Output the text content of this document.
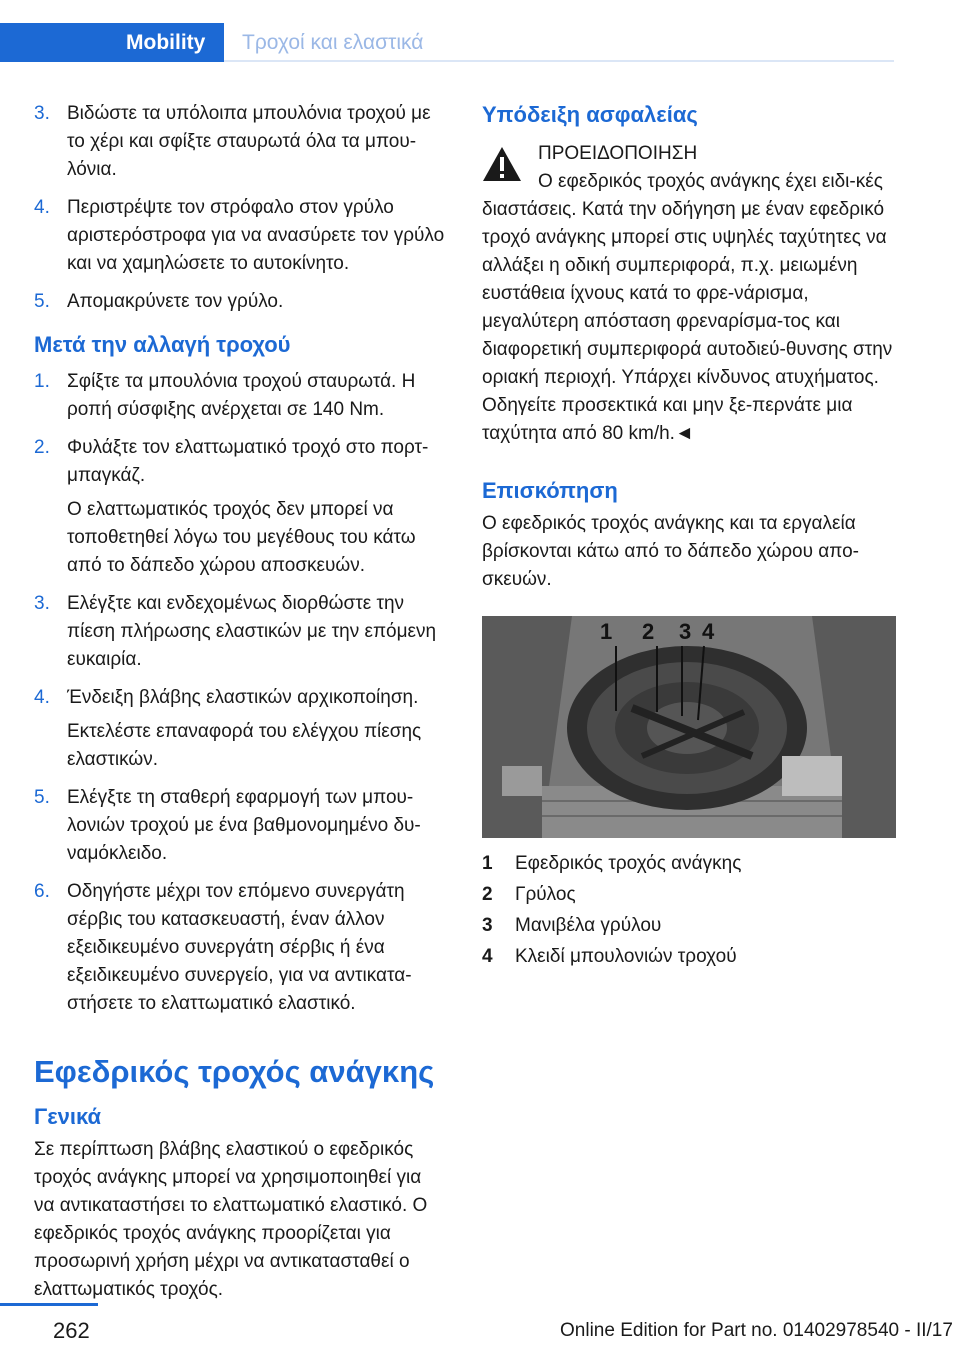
Mobility Τροχοί και ελαστικά
3. Βιδώστε τα υπόλοιπα μπουλόνια τροχού με το χέρι και σφίξτε σταυρωτά όλα τα μπου‐λόνια.
4. Περιστρέψτε τον στρόφαλο στον γρύλο αριστερόστροφα για να ανασύρετε τον γρύλο και να χαμηλώσετε το αυτοκίνητο.
5. Απομακρύνετε τον γρύλο.
Μετά την αλλαγή τροχού
1. Σφίξτε τα μπουλόνια τροχού σταυρωτά. Η ροπή σύσφιξης ανέρχεται σε 140 Nm.
2. Φυλάξτε τον ελαττωματικό τροχό στο πορτ-μπαγκάζ.
Ο ελαττωματικός τροχός δεν μπορεί να τοποθετηθεί λόγω του μεγέθους του κάτω από το δάπεδο χώρου αποσκευών.
3. Ελέγξτε και ενδεχομένως διορθώστε την πίεση πλήρωσης ελαστικών με την επόμενη ευκαιρία.
4. Ένδειξη βλάβης ελαστικών αρχικοποίηση.
Εκτελέστε επαναφορά του ελέγχου πίεσης ελαστικών.
5. Ελέγξτε τη σταθερή εφαρμογή των μπου‐λονιών τροχού με ένα βαθμονομημένο δυ‐ναμόκλειδο.
6. Οδηγήστε μέχρι τον επόμενο συνεργάτη σέρβις του κατασκευαστή, έναν άλλον εξειδικευμένο συνεργάτη σέρβις ή ένα εξειδικευμένο συνεργείο, για να αντικατα‐στήσετε το ελαττωματικό ελαστικό.
Εφεδρικός τροχός ανάγκης
Γενικά

Σε περίπτωση βλάβης ελαστικού ο εφεδρικός τροχός ανάγκης μπορεί να χρησιμοποιηθεί για να αντικαταστήσει το ελαττωματικό ελαστικό. Ο εφεδρικός τροχός ανάγκης προορίζεται για προσωρινή χρήση μέχρι να αντικατασταθεί ο ελαττωματικός τροχός.

Υπόδειξη ασφαλείας

ΠΡΟΕΙΔΟΠΟΙΗΣΗ

Ο εφεδρικός τροχός ανάγκης έχει ειδι‐κές διαστάσεις. Κατά την οδήγηση με έναν εφεδρικό τροχό ανάγκης μπορεί στις υψηλές ταχύτητες να αλλάξει η οδική συμπεριφορά, π.χ. μειωμένη ευστάθεια ίχνους κατά το φρε‐νάρισμα, μεγαλύτερη απόσταση φρεναρίσμα‐τος και διαφορετική συμπεριφορά αυτοδιεύ‐θυνσης στην οριακή περιοχή. Υπάρχει κίνδυνος ατυχήματος. Οδηγείτε προσεκτικά και μην ξε‐περνάτε μια ταχύτητα από 80 km/h.◄

Επισκόπηση

Ο εφεδρικός τροχός ανάγκης και τα εργαλεία βρίσκονται κάτω από το δάπεδο χώρου απο‐σκευών.

1 2 3 4
1 Εφεδρικός τροχός ανάγκης
2 Γρύλος
3 Μανιβέλα γρύλου
4 Κλειδί μπουλονιών τροχού
262	Online Edition for Part no. 01402978540 - II/17
